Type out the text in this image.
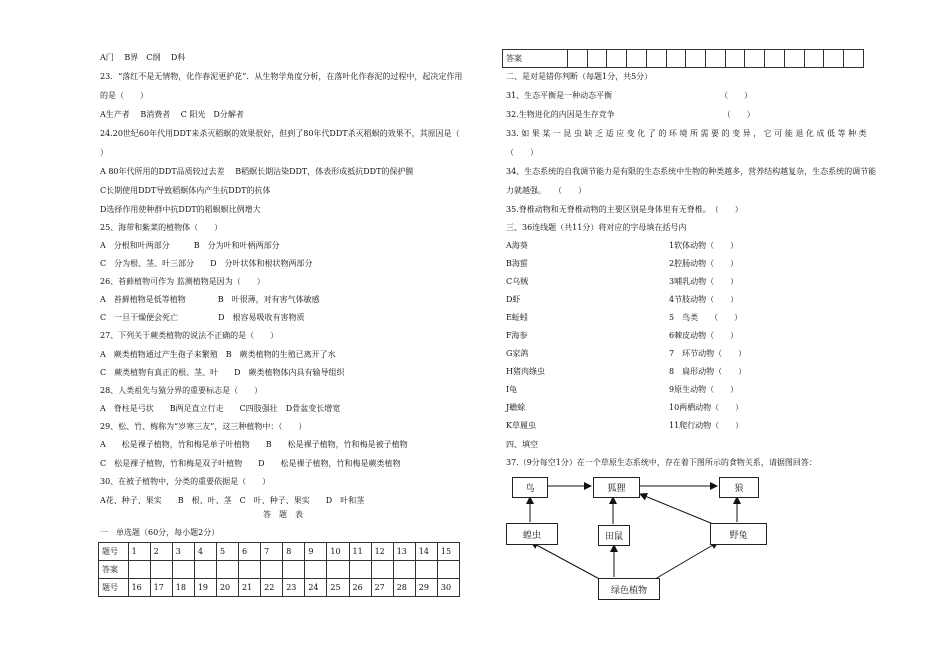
A门　 B界　C纲　 D科
23．“落红不是无情物，化作春泥更护花”．从生物学角度分析，在落叶化作春泥的过程中，起决定作用
的是（　　）
A生产者　 B消费者　 C 阳光　D分解者
24.20世纪60年代用DDT来杀灭稻螟的效果很好，但到了80年代DDT杀灭稻螟的效果不，其原因是（
）
A 80年代所用的DDT品质较过去差　 B稻螟长期沾染DDT，体表形成抵抗DDT的保护膜
C长期使用DDT导致稻螟体内产生抗DDT的抗体
D选择作用使种群中抗DDT的稻螟螟比例增大
25、海带和紫菜的植物体（　　）
A　分根和叶两部分　　　B　分为叶和叶柄两部分
C　分为根、茎、叶三部分　　D　分叶状体和根状物两部分
26、苔藓植物可作为 监测植物是因为（　　）
A　苔藓植物是低等植物　　　　B　叶很薄，对有害气体敏感
C　一旦干燥便会死亡　　　　　D　根容易吸收有害物质
27、下列关于蕨类植物的说法不正确的是（　　）
A　蕨类植物通过产生孢子来繁殖　B　蕨类植物的生殖已离开了水
C　蕨类植物有真正的根、茎、叶　　D　蕨类植物体内具有输导组织
28、人类祖先与猿分界的重要标志是（　　）
A　脊柱是弓状　　B两足直立行走　　C四肢强壮　D骨盆变长增宽
29、松、竹、梅称为“岁寒三友”，这三种植物中：（　　）
A　　松是裸子植物，竹和梅是单子叶植物　　B　　松是裸子植物，竹和梅是被子植物
C　松是裸子植物，竹和梅是双子叶植物　　D　　松是裸子植物，竹和梅是蕨类植物
30、在被子植物中，分类的重要依据是（　　）
A花、种子、果实　　B　根、叶、茎　C　叶、种子、果实　　D　叶和茎
答　题　表
一　单选题（60分，每小题2分）
题号	1	2	3	4	5	6	7	8	9	10	11	12	13	14	15
答案															
题号	16	17	18	19	20	21	22	23	24	25	26	27	28	29	30
答案															
二、是对是错你判断（每题1分，共5分）
31、生态平衡是一种动态平衡　　　　　　　　　　　　　　（　　）
32.生物进化的内因是生存竞争　　　　　　　　　　　　　　（　　）
33. 如 果 某 一 昆 虫 缺 乏 适 应 变 化 了 的 环 境 所 需 要 的 变 异 ， 它 可 能 退 化 成 低 等 种 类
（　　）
34、生态系统的自我调节能力是有限的生态系统中生物的种类越多，营养结构越复杂，生态系统的调节能
力就越强。　　（　　）
35.脊椎动物和无脊椎动物的主要区别是身体里有无脊椎。　（　　）
三、36连线题（共11分）将对应的字母填在括号内
A海葵	1软体动物（　　）
B海蜇	2腔肠动物（　　）
C乌贼	3哺乳动物（　　）
D虾	4节肢动物（　　）
E蚯蚓	5　鸟类　　（　　）
F海参	6棘皮动物（　　）
G家鸽	7　环节动物（　　）
H猪肉绦虫	8　扁形动物（　　）
I龟	9原生动物（　　）
J蟾蜍	10两栖动物（　　）
K草履虫	11爬行动物（　　）
四、填空
37.（9分每空1分）在一个草原生态系统中，存在着下图所示的食物关系，请据图回答：
鸟	狐狸	狼
蝗虫	田鼠	野兔
绿色植物
